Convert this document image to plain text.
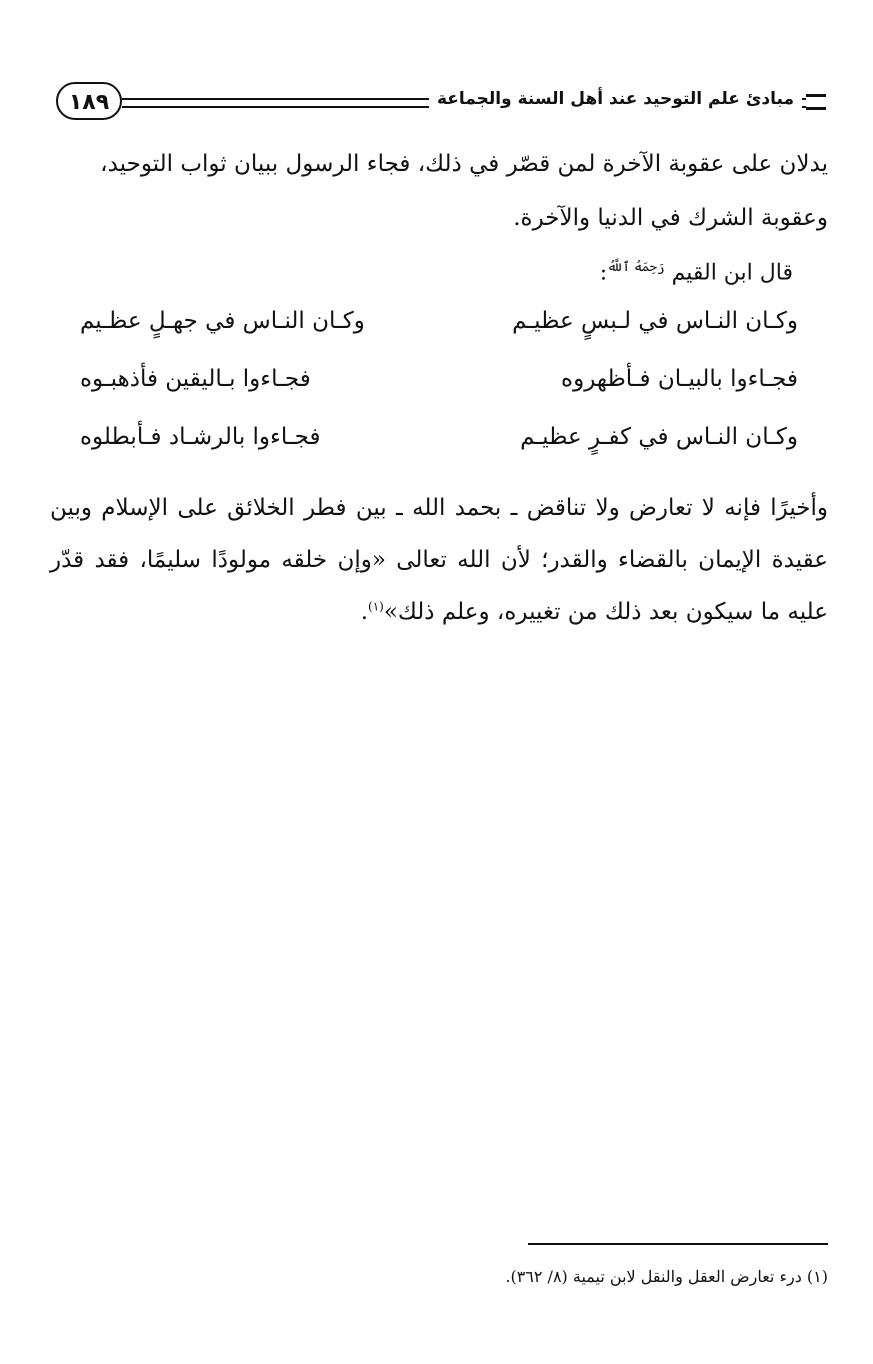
١٨٩	مبادئ علم التوحيد عند أهل السنة والجماعة
يدلان على عقوبة الآخرة لمن قصّر في ذلك، فجاء الرسول ببيان ثواب التوحيد،
وعقوبة الشرك في الدنيا والآخرة.
قال ابن القيم $^{رَحِمَهُ ٱللَّهُ}$:
وكـان النـاس في لـبسٍ عظيـم
وكـان النـاس في جهـلٍ عظـيم
فجـاءوا بالبيـان فـأظهروه
فجـاءوا بـاليقين فأذهبـوه
وكـان النـاس في كفـرٍ عظيـم
فجـاءوا بالرشـاد فـأبطلوه
وأخيرًا فإنه لا تعارض ولا تناقض ـ بحمد الله ـ بين فطر الخلائق على الإسلام وبين عقيدة الإيمان بالقضاء والقدر؛ لأن الله تعالى «وإن خلقه مولودًا سليمًا، فقد قدّر عليه ما سيكون بعد ذلك من تغييره، وعلم ذلك»$^{(١)}$.
(١) درء تعارض العقل والنقل لابن تيمية (٨/ ٣٦٢).
